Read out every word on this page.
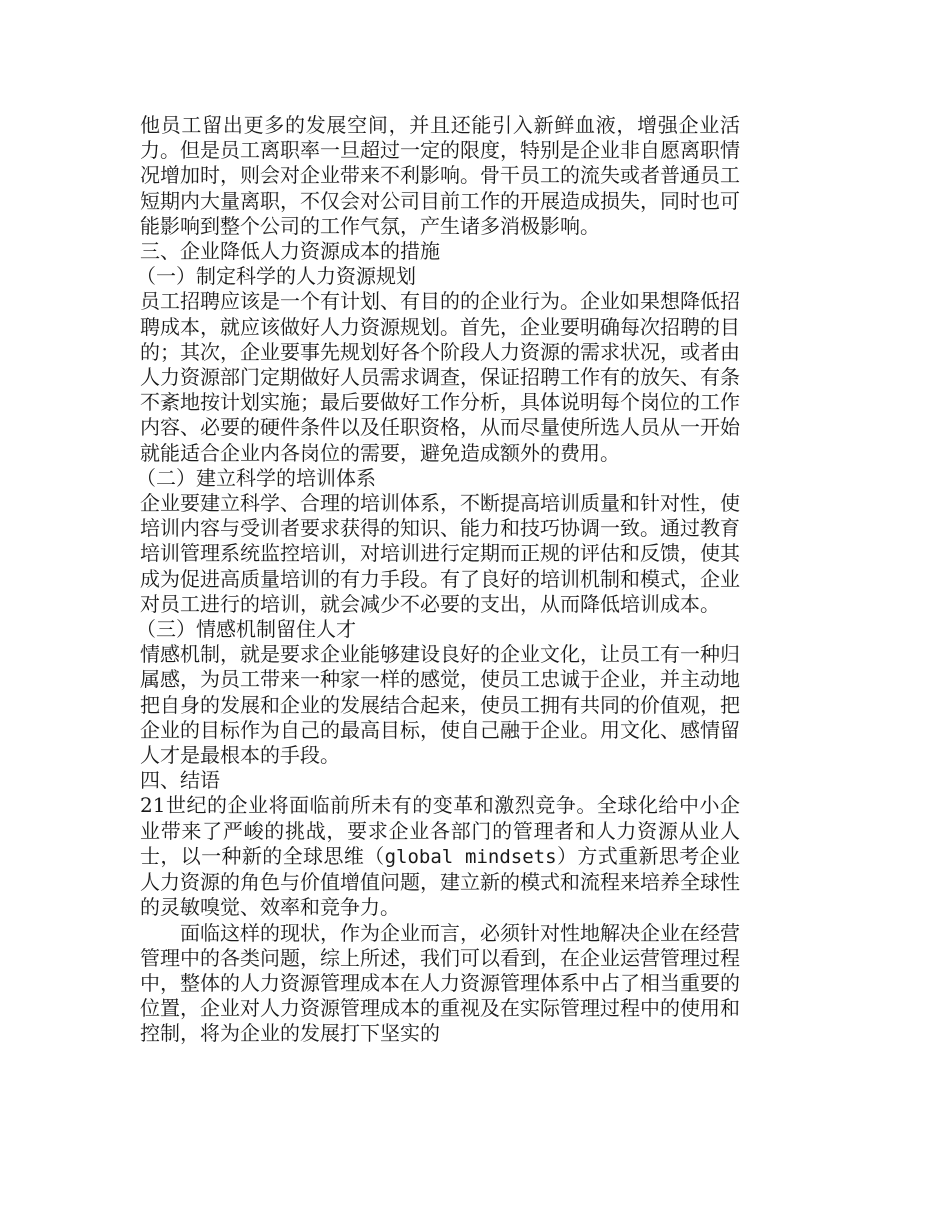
他员工留出更多的发展空间，并且还能引入新鲜血液，增强企业活力。但是员工离职率一旦超过一定的限度，特别是企业非自愿离职情况增加时，则会对企业带来不利影响。骨干员工的流失或者普通员工短期内大量离职，不仅会对公司目前工作的开展造成损失，同时也可能影响到整个公司的工作气氛，产生诸多消极影响。

三、企业降低人力资源成本的措施

（一）制定科学的人力资源规划

员工招聘应该是一个有计划、有目的的企业行为。企业如果想降低招聘成本，就应该做好人力资源规划。首先，企业要明确每次招聘的目的；其次，企业要事先规划好各个阶段人力资源的需求状况，或者由人力资源部门定期做好人员需求调查，保证招聘工作有的放矢、有条不紊地按计划实施；最后要做好工作分析，具体说明每个岗位的工作内容、必要的硬件条件以及任职资格，从而尽量使所选人员从一开始就能适合企业内各岗位的需要，避免造成额外的费用。

（二）建立科学的培训体系

企业要建立科学、合理的培训体系，不断提高培训质量和针对性，使培训内容与受训者要求获得的知识、能力和技巧协调一致。通过教育培训管理系统监控培训，对培训进行定期而正规的评估和反馈，使其成为促进高质量培训的有力手段。有了良好的培训机制和模式，企业对员工进行的培训，就会减少不必要的支出，从而降低培训成本。

（三）情感机制留住人才

情感机制，就是要求企业能够建设良好的企业文化，让员工有一种归属感，为员工带来一种家一样的感觉，使员工忠诚于企业，并主动地把自身的发展和企业的发展结合起来，使员工拥有共同的价值观，把企业的目标作为自己的最高目标，使自己融于企业。用文化、感情留人才是最根本的手段。

四、结语

21世纪的企业将面临前所未有的变革和激烈竞争。全球化给中小企业带来了严峻的挑战，要求企业各部门的管理者和人力资源从业人士，以一种新的全球思维（global mindsets）方式重新思考企业人力资源的角色与价值增值问题，建立新的模式和流程来培养全球性的灵敏嗅觉、效率和竞争力。

面临这样的现状，作为企业而言，必须针对性地解决企业在经营管理中的各类问题，综上所述，我们可以看到，在企业运营管理过程中，整体的人力资源管理成本在人力资源管理体系中占了相当重要的位置，企业对人力资源管理成本的重视及在实际管理过程中的使用和控制，将为企业的发展打下坚实的
